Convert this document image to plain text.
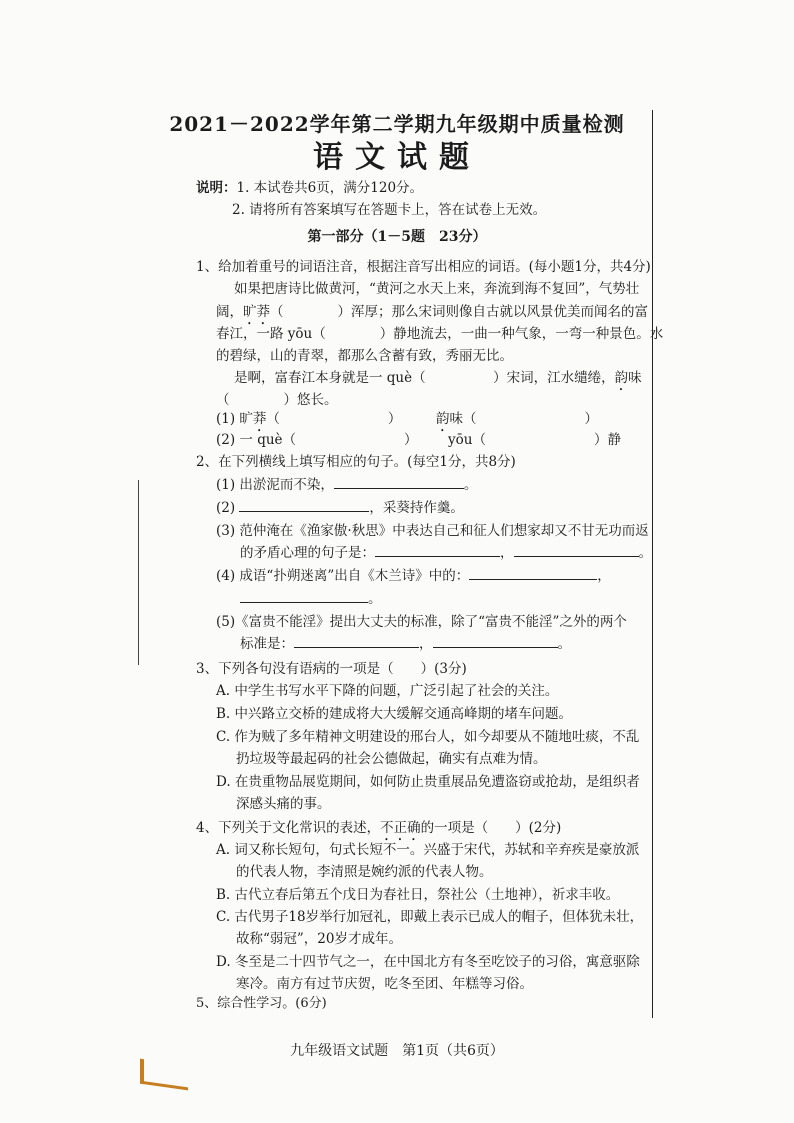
2021－2022学年第二学期九年级期中质量检测
语文试题
说明：1. 本试卷共6页，满分120分。
2. 请将所有答案填写在答题卡上，答在试卷上无效。
第一部分（1－5题　23分）
1、给加着重号的词语注音，根据注音写出相应的词语。(每小题1分，共4分)
如果把唐诗比做黄河，“黄河之水天上来，奔流到海不复回”，气势壮
阔，旷莽（　　　　）浑厚；那么宋词则像自古就以风景优美而闻名的富
春江，一路 yōu（　　　　）静地流去，一曲一种气象，一弯一种景色。水
的碧绿，山的青翠，都那么含蓄有致，秀丽无比。
是啊，富春江本身就是一 què（　　　　　）宋词，江水缱绻，韵味
（　　　　）悠长。
(1) 旷莽（　　　　　　　　）	韵味（　　　　　　　　）
(2) 一 què（　　　　　　　　） yōu（　　　　　　　　）静
2、在下列横线上填写相应的句子。(每空1分，共8分)
(1) 出淤泥而不染，	。
(2)	，采葵持作羹。
(3) 范仲淹在《渔家傲·秋思》中表达自己和征人们想家却又不甘无功而返
的矛盾心理的句子是：	，	。
(4) 成语“扑朔迷离”出自《木兰诗》中的：	，
。
(5)《富贵不能淫》提出大丈夫的标准，除了“富贵不能淫”之外的两个
标准是：	，	。
3、下列各句没有语病的一项是（　　）(3分)
A. 中学生书写水平下降的问题，广泛引起了社会的关注。
B. 中兴路立交桥的建成将大大缓解交通高峰期的堵车问题。
C. 作为贼了多年精神文明建设的邢台人，如今却要从不随地吐痰，不乱
扔垃圾等最起码的社会公德做起，确实有点难为情。
D. 在贵重物品展览期间，如何防止贵重展品免遭盗窃或抢劫，是组织者
深感头痛的事。
4、下列关于文化常识的表述，不正确的一项是（　　）(2分)
A. 词又称长短句，句式长短不一。兴盛于宋代，苏轼和辛弃疾是豪放派
的代表人物，李清照是婉约派的代表人物。
B. 古代立春后第五个戊日为春社日，祭社公（土地神），祈求丰收。
C. 古代男子18岁举行加冠礼，即戴上表示已成人的帽子，但体犹未壮，
故称“弱冠”，20岁才成年。
D. 冬至是二十四节气之一，在中国北方有冬至吃饺子的习俗，寓意驱除
寒冷。南方有过节庆贺，吃冬至团、年糕等习俗。
5、综合性学习。(6分)
九年级语文试题　第1页（共6页）
